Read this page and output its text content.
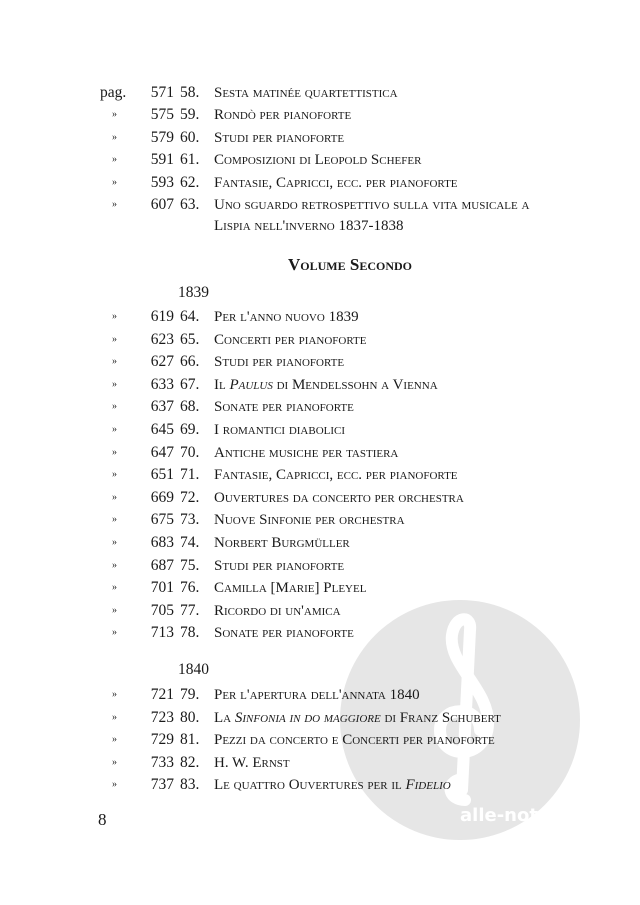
alle-noten.de
pag.	571 58. Sesta matinée quartettistica
»	575 59. Rondò per pianoforte
»	579 60. Studi per pianoforte
»	591 61. Composizioni di Leopold Schefer
»	593 62. Fantasie, Capricci, ecc. per pianoforte
»	607 63. Uno sguardo retrospettivo sulla vita musicale a
Lispia nell'inverno 1837-1838
Volume Secondo
1839
»	619 64. Per l'anno nuovo 1839
»	623 65. Concerti per pianoforte
»	627 66. Studi per pianoforte
»	633 67. Il Paulus di Mendelssohn a Vienna
»	637 68. Sonate per pianoforte
»	645 69. I romantici diabolici
»	647 70. Antiche musiche per tastiera
»	651 71. Fantasie, Capricci, ecc. per pianoforte
»	669 72. Ouvertures da concerto per orchestra
»	675 73. Nuove Sinfonie per orchestra
»	683 74. Norbert Burgmüller
»	687 75. Studi per pianoforte
»	701 76. Camilla [Marie] Pleyel
»	705 77. Ricordo di un'amica
»	713 78. Sonate per pianoforte
1840
»	721 79. Per l'apertura dell'annata 1840
»	723 80. La Sinfonia in do maggiore di Franz Schubert
»	729 81. Pezzi da concerto e Concerti per pianoforte
»	733 82. H. W. Ernst
»	737 83. Le quattro Ouvertures per il Fidelio
8
